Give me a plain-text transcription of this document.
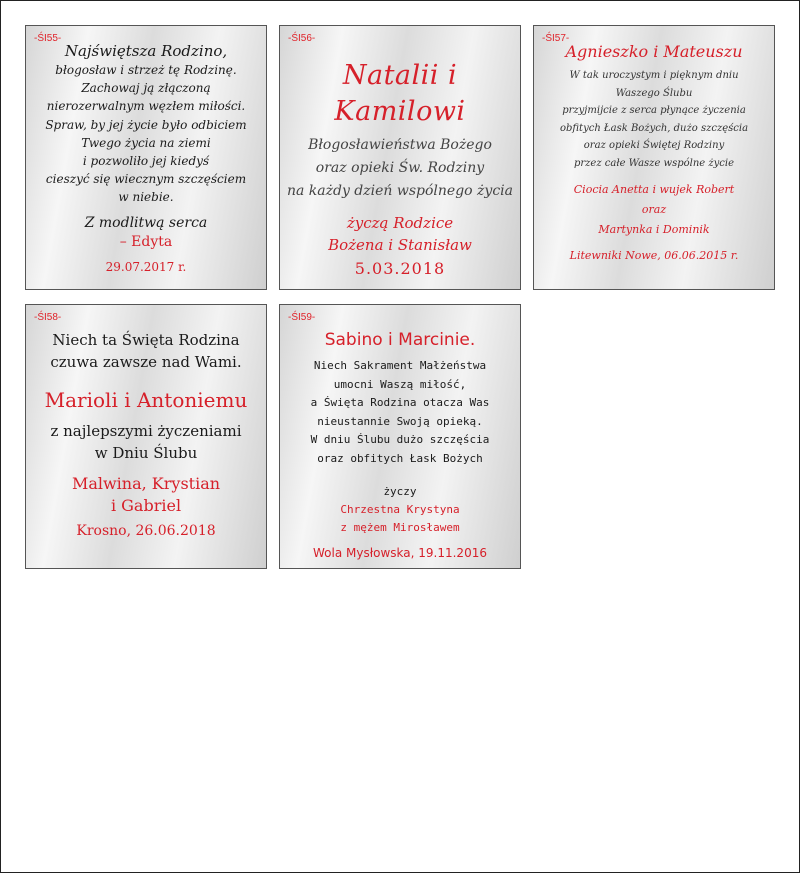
-ŚI55-
Najświętsza Rodzino,
błogosław i strzeż tę Rodzinę.
Zachowaj ją złączoną
nierozerwalnym węzłem miłości.
Spraw, by jej życie było odbiciem
Twego życia na ziemi
i pozwoliło jej kiedyś
cieszyć się wiecznym szczęściem
w niebie.
Z modlitwą serca
– Edyta
29.07.2017 r.
-ŚI56-
Natalii i Kamilowi
Błogosławieństwa Bożego
oraz opieki Św. Rodziny
na każdy dzień wspólnego życia
życzą Rodzice
Bożena i Stanisław
5.03.2018
-ŚI57-
Agnieszko i Mateuszu
W tak uroczystym i pięknym dniu
Waszego Ślubu
przyjmijcie z serca płynące życzenia
obfitych Łask Bożych, dużo szczęścia
oraz opieki Świętej Rodziny
przez całe Wasze wspólne życie
Ciocia Anetta i wujek Robert
oraz
Martynka i Dominik
Litewniki Nowe, 06.06.2015 r.
-ŚI58-
Niech ta Święta Rodzina
czuwa zawsze nad Wami.
Marioli i Antoniemu
z najlepszymi życzeniami
w Dniu Ślubu
Malwina, Krystian
i Gabriel
Krosno, 26.06.2018
-ŚI59-
Sabino i Marcinie.
Niech Sakrament Małżeństwa
umocni Waszą miłość,
a Święta Rodzina otacza Was
nieustannie Swoją opieką.
W dniu Ślubu dużo szczęścia
oraz obfitych Łask Bożych
życzy
Chrzestna Krystyna
z mężem Mirosławem
Wola Mysłowska, 19.11.2016
